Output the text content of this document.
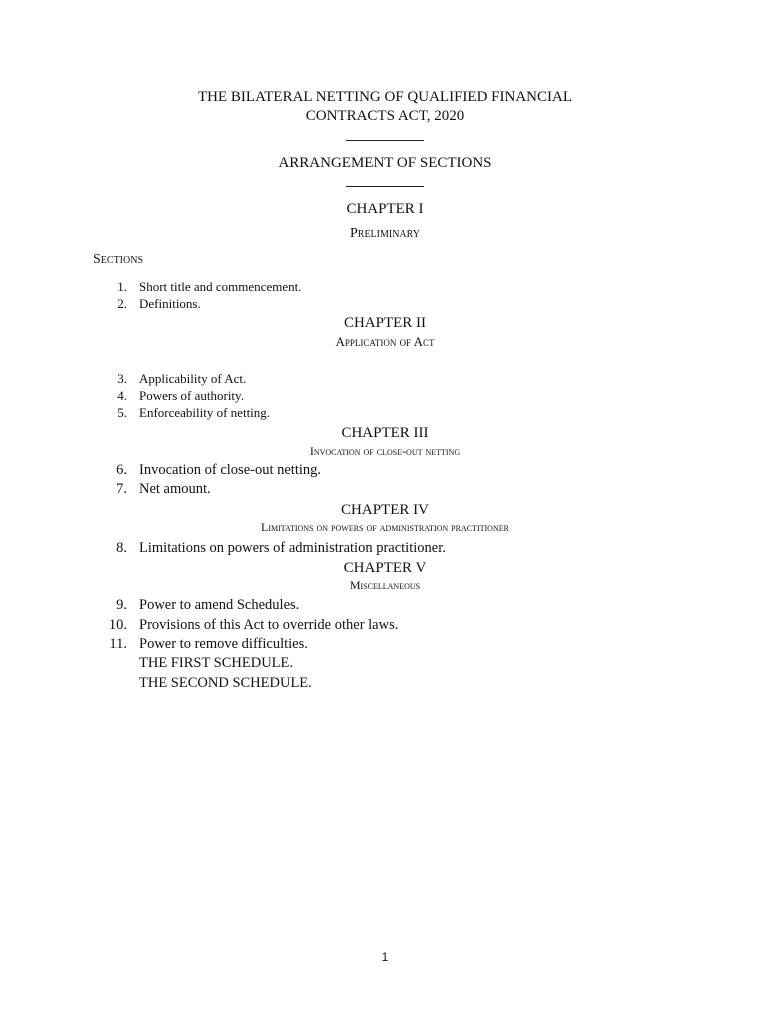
THE BILATERAL NETTING OF QUALIFIED FINANCIAL
CONTRACTS ACT, 2020
ARRANGEMENT OF SECTIONS
CHAPTER I
Preliminary
Sections
1. Short title and commencement.
2. Definitions.
CHAPTER II
Application of Act
3. Applicability of Act.
4. Powers of authority.
5. Enforceability of netting.
CHAPTER III
Invocation of close-out netting
6. Invocation of close-out netting.
7. Net amount.
CHAPTER IV
Limitations on powers of administration practitioner
8. Limitations on powers of administration practitioner.
CHAPTER V
Miscellaneous
9. Power to amend Schedules.
10. Provisions of this Act to override other laws.
11. Power to remove difficulties.
THE FIRST SCHEDULE.
THE SECOND SCHEDULE.
1
